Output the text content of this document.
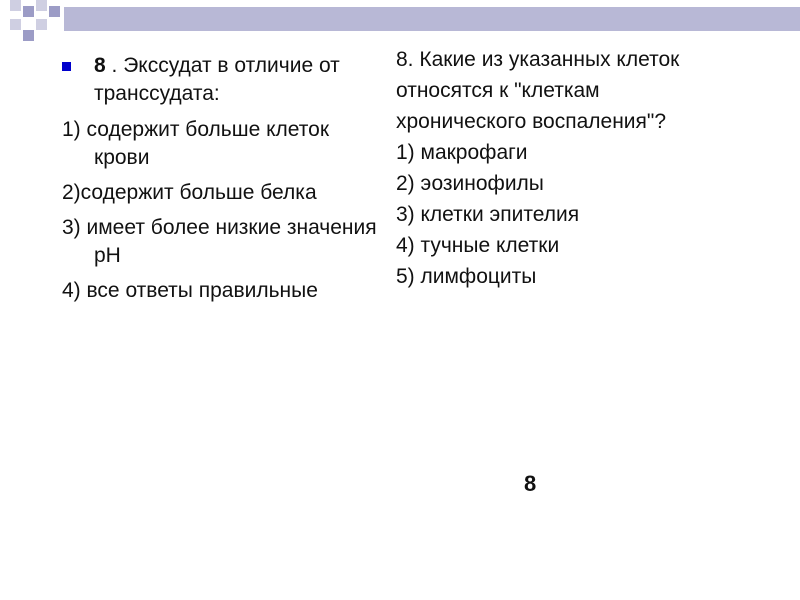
8 . Экссудат в отличие от транссудата:
1) содержит больше клеток крови
2)содержит больше белка
3) имеет более низкие значения pH
4) все ответы правильные
8. Какие из указанных клеток
относятся к "клеткам
хронического воспаления"?
1) макрофаги
2) эозинофилы
3) клетки эпителия
4) тучные клетки
5) лимфоциты
8
